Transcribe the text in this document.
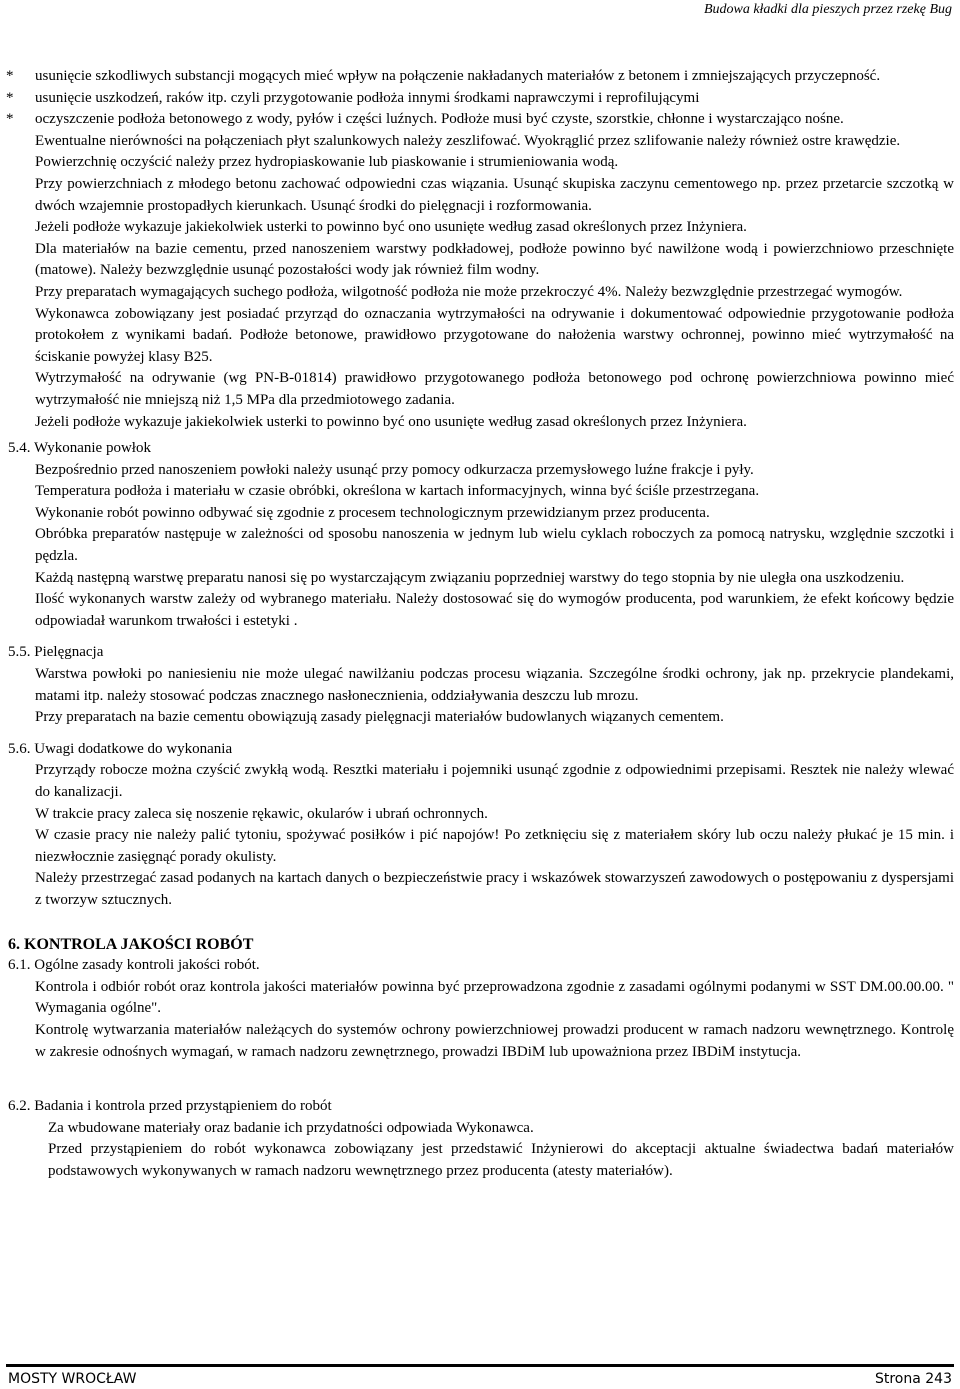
Budowa kładki dla pieszych przez rzekę Bug
* usunięcie szkodliwych substancji mogących mieć wpływ na połączenie nakładanych materiałów z betonem i zmniejszających przyczepność.
* usunięcie uszkodzeń, raków itp. czyli przygotowanie podłoża innymi środkami naprawczymi i reprofilującymi
* oczyszczenie podłoża betonowego z wody, pyłów i części luźnych. Podłoże musi być czyste, szorstkie, chłonne i wystarczająco nośne.
Ewentualne nierówności na połączeniach płyt szalunkowych należy zeszlifować. Wyokrąglić przez szlifowanie należy również ostre krawędzie.
Powierzchnię oczyścić należy przez hydropiaskowanie lub piaskowanie i strumieniowania wodą.
Przy powierzchniach z młodego betonu zachować odpowiedni czas wiązania. Usunąć skupiska zaczynu cementowego np. przez przetarcie szczotką w dwóch wzajemnie prostopadłych kierunkach. Usunąć środki do pielęgnacji i rozformowania.
Jeżeli podłoże wykazuje jakiekolwiek usterki to powinno być ono usunięte według zasad określonych przez Inżyniera.
Dla materiałów na bazie cementu, przed nanoszeniem warstwy podkładowej, podłoże powinno być nawilżone wodą i powierzchniowo przeschnięte (matowe). Należy bezwzględnie usunąć pozostałości wody jak również film wodny.
Przy preparatach wymagających suchego podłoża, wilgotność podłoża nie może przekroczyć 4%. Należy bezwzględnie przestrzegać wymogów.
Wykonawca zobowiązany jest posiadać przyrząd do oznaczania wytrzymałości na odrywanie i dokumentować odpowiednie przygotowanie podłoża protokołem z wynikami badań. Podłoże betonowe, prawidłowo przygotowane do nałożenia warstwy ochronnej, powinno mieć wytrzymałość na ściskanie powyżej klasy B25.
Wytrzymałość na odrywanie (wg PN-B-01814) prawidłowo przygotowanego podłoża betonowego pod ochronę powierzchniowa powinno mieć wytrzymałość nie mniejszą niż 1,5 MPa dla przedmiotowego zadania.
Jeżeli podłoże wykazuje jakiekolwiek usterki to powinno być ono usunięte według zasad określonych przez Inżyniera.
5.4. Wykonanie powłok
Bezpośrednio przed nanoszeniem powłoki należy usunąć przy pomocy odkurzacza przemysłowego luźne frakcje i pyły.
Temperatura podłoża i materiału w czasie obróbki, określona w kartach informacyjnych, winna być ściśle przestrzegana.
Wykonanie robót powinno odbywać się zgodnie z procesem technologicznym przewidzianym przez producenta.
Obróbka preparatów następuje w zależności od sposobu nanoszenia w jednym lub wielu cyklach roboczych za pomocą natrysku, względnie szczotki i pędzla.
Każdą następną warstwę preparatu nanosi się po wystarczającym związaniu poprzedniej warstwy do tego stopnia by nie uległa ona uszkodzeniu.
Ilość wykonanych warstw zależy od wybranego materiału. Należy dostosować się do wymogów producenta, pod warunkiem, że efekt końcowy będzie odpowiadał warunkom trwałości i estetyki .
5.5. Pielęgnacja
Warstwa powłoki po naniesieniu nie może ulegać nawilżaniu podczas procesu wiązania. Szczególne środki ochrony, jak np. przekrycie plandekami, matami itp. należy stosować podczas znacznego nasłonecznienia, oddziaływania deszczu lub mrozu.
Przy preparatach na bazie cementu obowiązują zasady pielęgnacji materiałów budowlanych wiązanych cementem.
5.6. Uwagi dodatkowe do wykonania
Przyrządy robocze można czyścić zwykłą wodą. Resztki materiału i pojemniki usunąć zgodnie z odpowiednimi przepisami. Resztek nie należy wlewać do kanalizacji.
W trakcie pracy zaleca się noszenie rękawic, okularów i ubrań ochronnych.
W czasie pracy nie należy palić tytoniu, spożywać posiłków i pić napojów! Po zetknięciu się z materiałem skóry lub oczu należy płukać je 15 min. i niezwłocznie zasięgnąć porady okulisty.
Należy przestrzegać zasad podanych na kartach danych o bezpieczeństwie pracy i wskazówek stowarzyszeń zawodowych o postępowaniu z dyspersjami z tworzyw sztucznych.
6. KONTROLA JAKOŚCI ROBÓT
6.1. Ogólne zasady kontroli jakości robót.
Kontrola i odbiór robót oraz kontrola jakości materiałów powinna być przeprowadzona zgodnie z zasadami ogólnymi podanymi w SST DM.00.00.00. " Wymagania ogólne".
Kontrolę wytwarzania materiałów należących do systemów ochrony powierzchniowej prowadzi producent w ramach nadzoru wewnętrznego. Kontrolę w zakresie odnośnych wymagań, w ramach nadzoru zewnętrznego, prowadzi IBDiM lub upoważniona przez IBDiM instytucja.
6.2. Badania i kontrola przed przystąpieniem do robót
Za wbudowane materiały oraz badanie ich przydatności odpowiada Wykonawca.
Przed przystąpieniem do robót wykonawca zobowiązany jest przedstawić Inżynierowi do akceptacji aktualne świadectwa badań materiałów podstawowych wykonywanych w ramach nadzoru wewnętrznego przez producenta (atesty materiałów).
MOSTY WROCŁAW	Strona 243
